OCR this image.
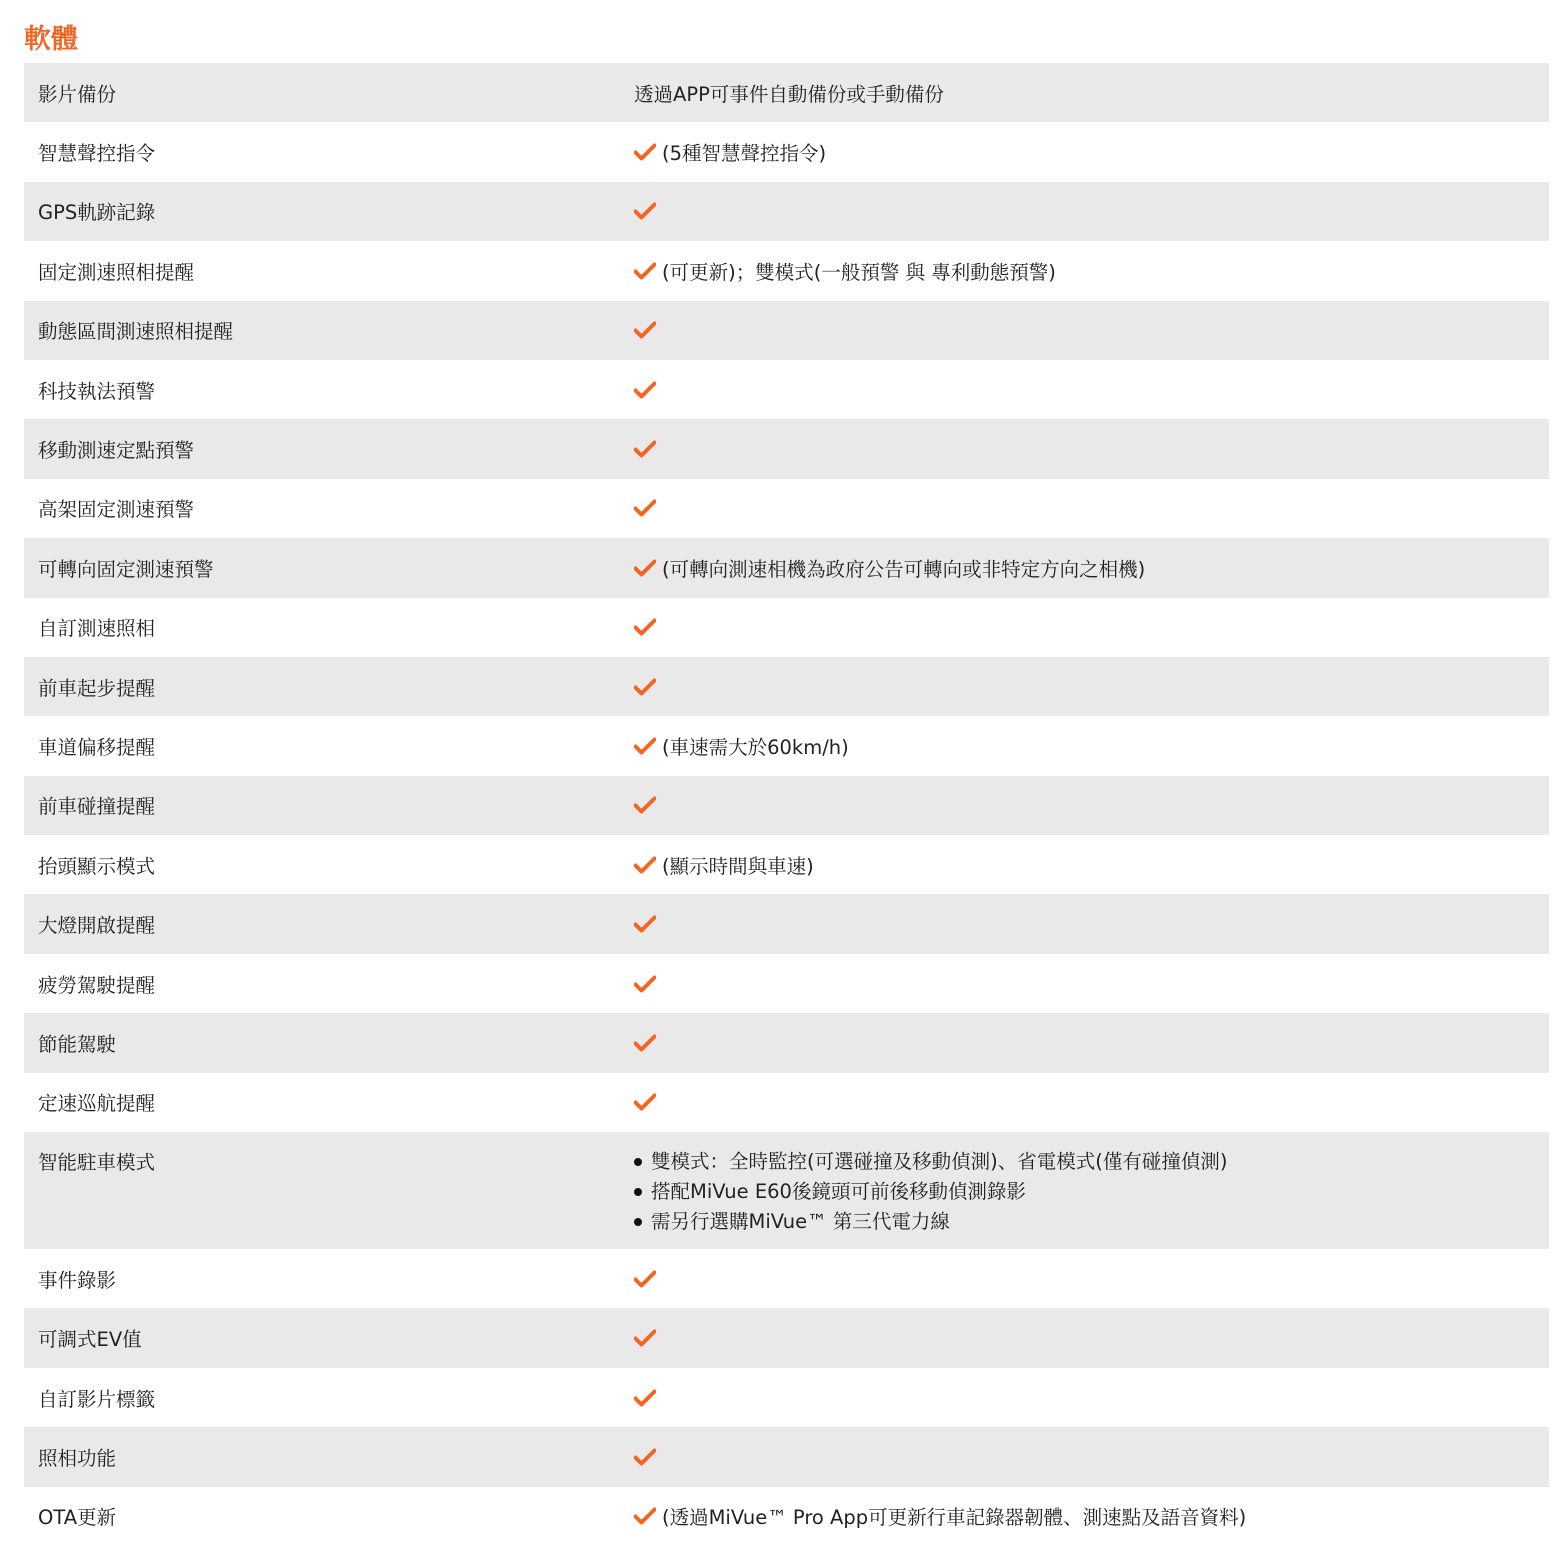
軟體
影片備份	透過APP可事件自動備份或手動備份
智慧聲控指令	(5種智慧聲控指令)
GPS軌跡記錄
固定測速照相提醒	(可更新)；雙模式(一般預警 與 專利動態預警)
動態區間測速照相提醒
科技執法預警
移動測速定點預警
高架固定測速預警
可轉向固定測速預警	(可轉向測速相機為政府公告可轉向或非特定方向之相機)
自訂測速照相
前車起步提醒
車道偏移提醒	(車速需大於60km/h)
前車碰撞提醒
抬頭顯示模式	(顯示時間與車速)
大燈開啟提醒
疲勞駕駛提醒
節能駕駛
定速巡航提醒
智能駐車模式	雙模式：全時監控(可選碰撞及移動偵測)、省電模式(僅有碰撞偵測)
搭配MiVue E60後鏡頭可前後移動偵測錄影
需另行選購MiVue™ 第三代電力線
事件錄影
可調式EV值
自訂影片標籤
照相功能
OTA更新	(透過MiVue™ Pro App可更新行車記錄器韌體、測速點及語音資料)
